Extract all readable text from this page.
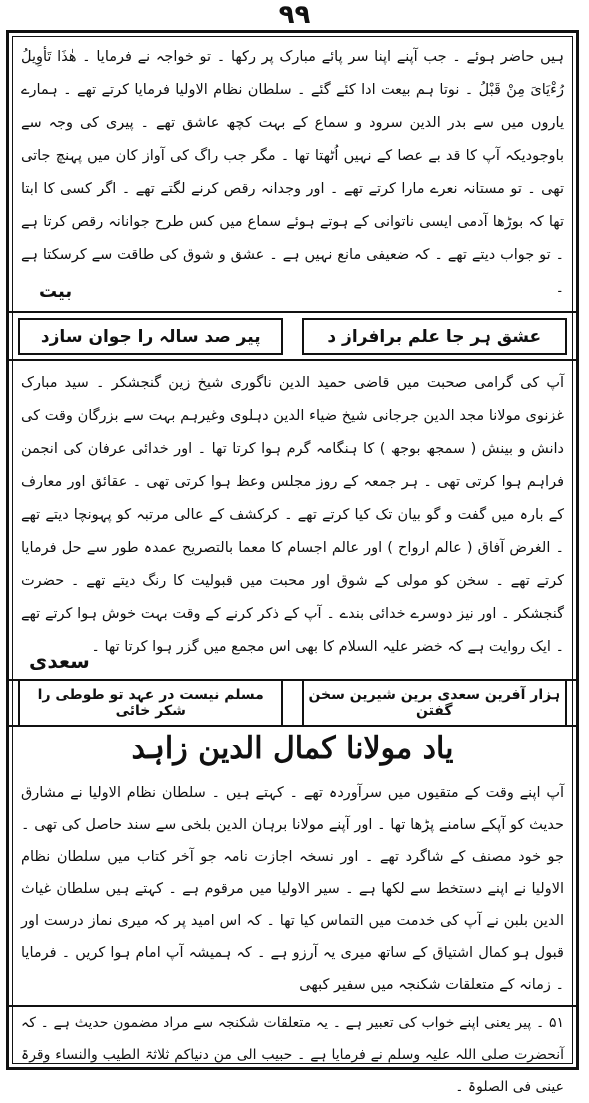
۹۹
ہیں حاضر ہوئے ۔ جب آپنے اپنا سر پائے مبارک پر رکھا ۔ تو خواجہ نے فرمایا ۔ هٰذَا تَأوِیلُ رُءْیَایَ مِنْ قَبْلُ ۔ نوتا ہم بیعت ادا کئے گئے ۔ سلطان نظام الاولیا فرمایا کرتے تھے ۔ ہمارے یاروں میں سے بدر الدین سرود و سماع کے بہت کچھ عاشق تھے ۔ پیری کی وجہ سے باوجودیکہ آپ کا قد بے عصا کے نہیں اُٹھتا تھا ۔ مگر جب راگ کی آواز کان میں پہنچ جاتی تھی ۔ تو مستانہ نعرے مارا کرتے تھے ۔ اور وجدانہ رقص کرنے لگتے تھے ۔ اگر کسی کا ابتا تھا کہ بوڑھا آدمی ایسی ناتوانی کے ہوتے ہوئے سماع میں کس طرح جوانانہ رقص کرتا ہے ۔ تو جواب دیتے تھے ۔ کہ ضعیفی مانع نہیں ہے ۔ عشق و شوق کی طاقت سے کرسکتا ہے ۔
بیت
عشق ہر جا علم برافراز د
پیر صد سالہ را جوان سازد
آپ کی گرامی صحبت میں قاضی حمید الدین ناگوری شیخ زین گنجشکر ۔ سید مبارک غزنوی مولانا مجد الدین جرجانی شیخ ضیاء الدین دہلوی وغیرہم بہت سے بزرگان وقت کی دانش و بینش ( سمجھ بوجھ ) کا ہنگامہ گرم ہوا کرتا تھا ۔ اور خدائی عرفان کی انجمن فراہم ہوا کرتی تھی ۔ ہر جمعہ کے روز مجلس وعظ ہوا کرتی تھی ۔ عقائق اور معارف کے بارہ میں گفت و گو بیان تک کیا کرتے تھے ۔ کرکشف کے عالی مرتبہ کو پہونچا دیتے تھے ۔ الغرض آفاق ( عالم ارواح ) اور عالم اجسام کا معما بالتصریح عمدہ طور سے حل فرمایا کرتے تھے ۔ سخن کو مولی کے شوق اور محبت میں قبولیت کا رنگ دیتے تھے ۔ حضرت گنجشکر ۔ اور نیز دوسرے خدائی بندے ۔ آپ کے ذکر کرنے کے وقت بہت خوش ہوا کرتے تھے ۔ ایک روایت ہے کہ خضر علیہ السلام کا بھی اس مجمع میں گزر ہوا کرتا تھا ۔
سعدی
ہزار آفرین سعدی برین شیرین سخن گفتن
مسلم نیست در عہد تو طوطی را شکر خائی
یاد مولانا کمال الدین زاہد
آپ اپنے وقت کے متقیوں میں سرآوردہ تھے ۔ کہتے ہیں ۔ سلطان نظام الاولیا نے مشارق حدیث کو آپکے سامنے پڑھا تھا ۔ اور آپنے مولانا برہان الدین بلخی سے سند حاصل کی تھی ۔ جو خود مصنف کے شاگرد تھے ۔ اور نسخہ اجازت نامہ جو آخر کتاب میں سلطان نظام الاولیا نے اپنے دستخط سے لکھا ہے ۔ سیر الاولیا میں مرقوم ہے ۔ کہتے ہیں سلطان غیاث الدین بلبن نے آپ کی خدمت میں التماس کیا تھا ۔ کہ اس امید پر کہ میری نماز درست اور قبول ہو کمال اشتیاق کے ساتھ میری یہ آرزو ہے ۔ کہ ہمیشہ آپ امام ہوا کریں ۔ فرمایا ۔ زمانہ کے متعلقات شکنجہ میں سفیر کبھی
۵۱ ۔ پیر یعنی اپنے خواب کی تعبیر ہے ۔ یہ متعلقات شکنجہ سے مراد مضمون حدیث ہے ۔ کہ آنحضرت صلی اللہ علیہ وسلم نے فرمایا ہے ۔ حبیب الی من دنیاکم ثلاثۃ الطیب والنساء وقرۃ عینی فی الصلوۃ ۔
